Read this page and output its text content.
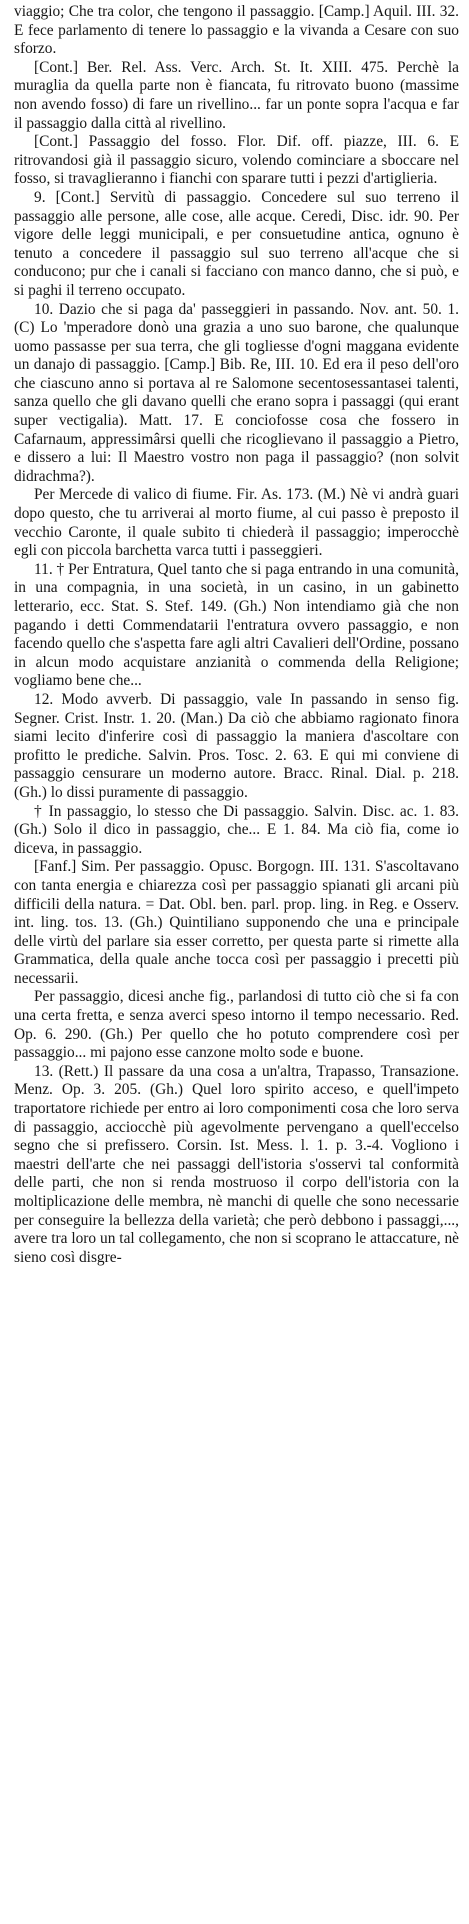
viaggio; Che tra color, che tengono il passaggio. [Camp.] Aquil. III. 32. E fece parlamento di tenere lo passaggio e la vivanda a Cesare con suo sforzo.

[Cont.] Ber. Rel. Ass. Verc. Arch. St. It. XIII. 475. Perchè la muraglia da quella parte non è fiancata, fu ritrovato buono (massime non avendo fosso) di fare un rivellino... far un ponte sopra l'acqua e far il passaggio dalla città al rivellino.

[Cont.] Passaggio del fosso. Flor. Dif. off. piazze, III. 6. E ritrovandosi già il passaggio sicuro, volendo cominciare a sboccare nel fosso, si travaglieranno i fianchi con sparare tutti i pezzi d'artiglieria.

9. [Cont.] Servitù di passaggio. Concedere sul suo terreno il passaggio alle persone, alle cose, alle acque. Ceredi, Disc. idr. 90. Per vigore delle leggi municipali, e per consuetudine antica, ognuno è tenuto a concedere il passaggio sul suo terreno all'acque che si conducono; pur che i canali si facciano con manco danno, che si può, e si paghi il terreno occupato.

10. Dazio che si paga da' passeggieri in passando. Nov. ant. 50. 1. (C) Lo 'mperadore donò una grazia a uno suo barone, che qualunque uomo passasse per sua terra, che gli togliesse d'ogni maggana evidente un danajo di passaggio. [Camp.] Bib. Re, III. 10. Ed era il peso dell'oro che ciascuno anno si portava al re Salomone secentosessantasei talenti, sanza quello che gli davano quelli che erano sopra i passaggi (qui erant super vectigalia). Matt. 17. E conciofosse cosa che fossero in Cafarnaum, appressimârsi quelli che ricoglievano il passaggio a Pietro, e dissero a lui: Il Maestro vostro non paga il passaggio? (non solvit didrachma?).

Per Mercede di valico di fiume. Fir. As. 173. (M.) Nè vi andrà guari dopo questo, che tu arriverai al morto fiume, al cui passo è preposto il vecchio Caronte, il quale subito ti chiederà il passaggio; imperocchè egli con piccola barchetta varca tutti i passeggieri.

11. † Per Entratura, Quel tanto che si paga entrando in una comunità, in una compagnia, in una società, in un casino, in un gabinetto letterario, ecc. Stat. S. Stef. 149. (Gh.) Non intendiamo già che non pagando i detti Commendatarii l'entratura ovvero passaggio, e non facendo quello che s'aspetta fare agli altri Cavalieri dell'Ordine, possano in alcun modo acquistare anzianità o commenda della Religione; vogliamo bene che...

12. Modo avverb. Di passaggio, vale In passando in senso fig. Segner. Crist. Instr. 1. 20. (Man.) Da ciò che abbiamo ragionato finora siami lecito d'inferire così di passaggio la maniera d'ascoltare con profitto le prediche. Salvin. Pros. Tosc. 2. 63. E qui mi conviene di passaggio censurare un moderno autore. Bracc. Rinal. Dial. p. 218. (Gh.) lo dissi puramente di passaggio.

† In passaggio, lo stesso che Di passaggio. Salvin. Disc. ac. 1. 83. (Gh.) Solo il dico in passaggio, che... E 1. 84. Ma ciò fia, come io diceva, in passaggio.

[Fanf.] Sim. Per passaggio. Opusc. Borgogn. III. 131. S'ascoltavano con tanta energia e chiarezza così per passaggio spianati gli arcani più difficili della natura. = Dat. Obl. ben. parl. prop. ling. in Reg. e Osserv. int. ling. tos. 13. (Gh.) Quintiliano supponendo che una e principale delle virtù del parlare sia esser corretto, per questa parte si rimette alla Grammatica, della quale anche tocca così per passaggio i precetti più necessarii.

Per passaggio, dicesi anche fig., parlandosi di tutto ciò che si fa con una certa fretta, e senza averci speso intorno il tempo necessario. Red. Op. 6. 290. (Gh.) Per quello che ho potuto comprendere così per passaggio... mi pajono esse canzone molto sode e buone.

13. (Rett.) Il passare da una cosa a un'altra, Trapasso, Transazione. Menz. Op. 3. 205. (Gh.) Quel loro spirito acceso, e quell'impeto traportatore richiede per entro ai loro componimenti cosa che loro serva di passaggio, acciocchè più agevolmente pervengano a quell'eccelso segno che si prefissero. Corsin. Ist. Mess. l. 1. p. 3.-4. Vogliono i maestri dell'arte che nei passaggi dell'istoria s'osservi tal conformità delle parti, che non si renda mostruoso il corpo dell'istoria con la moltiplicazione delle membra, nè manchi di quelle che sono necessarie per conseguire la bellezza della varietà; che però debbono i passaggi,..., avere tra loro un tal collegamento, che non si scoprano le attaccature, nè sieno così disgre-
